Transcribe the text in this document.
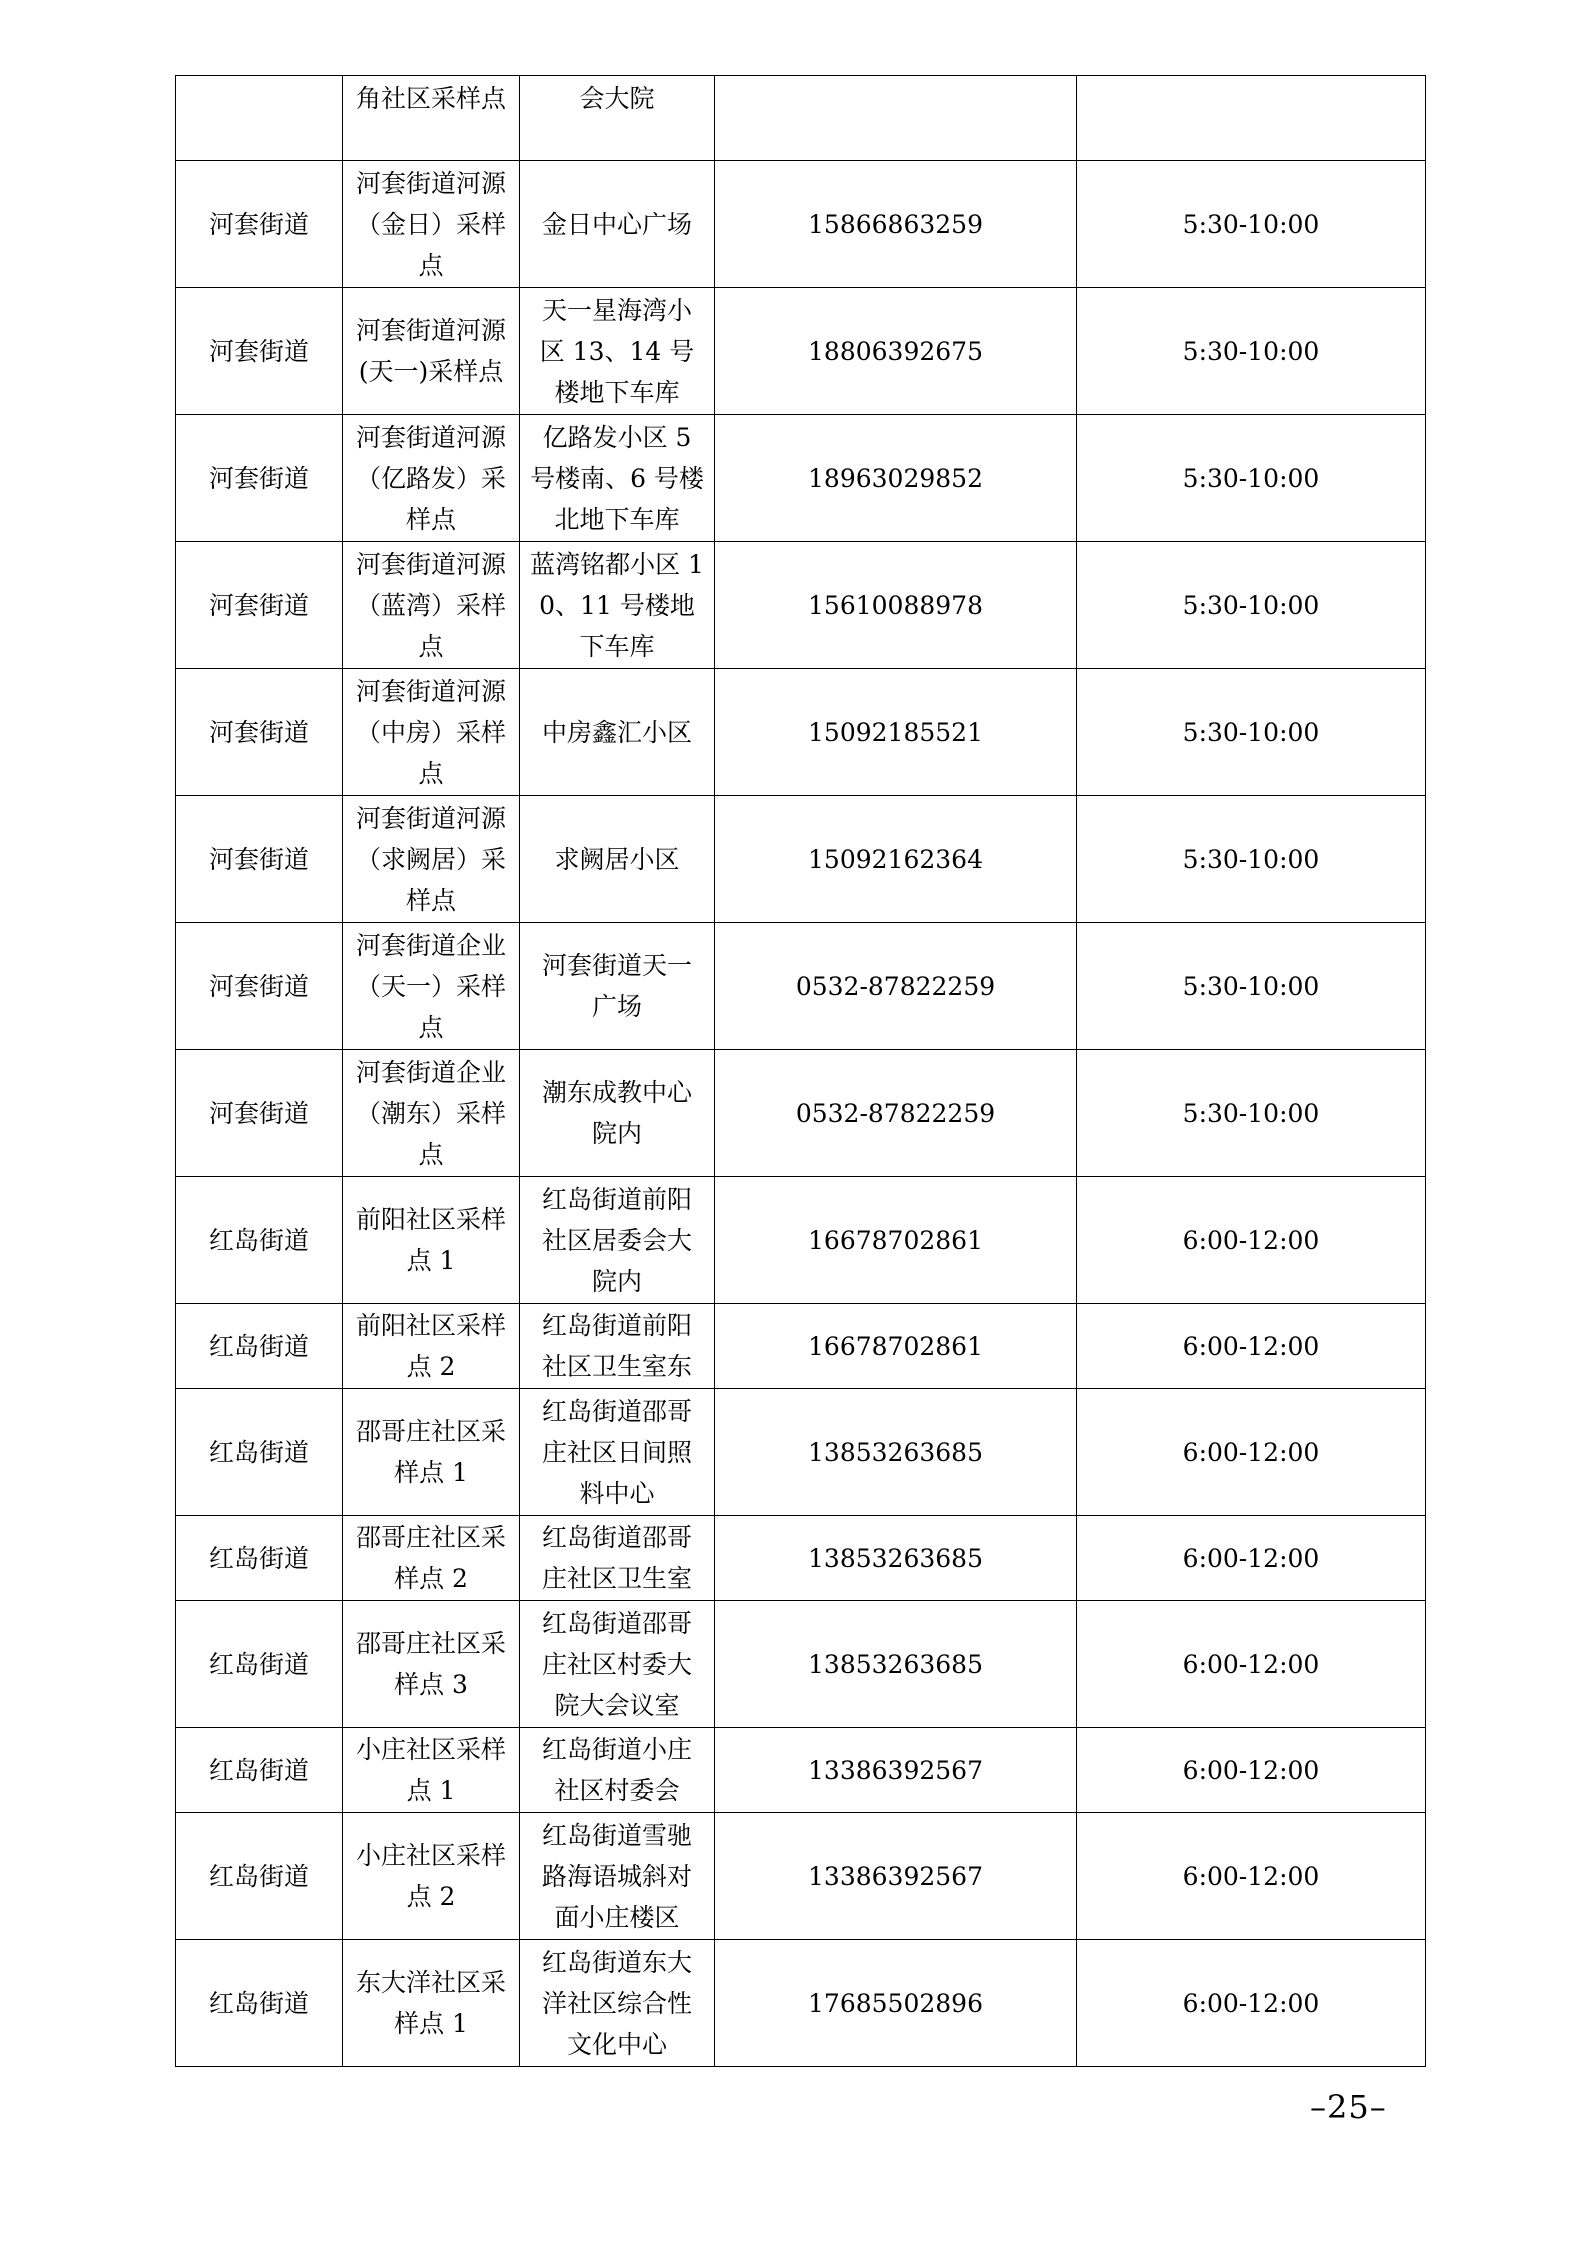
	角社区采样点	会大院		
河套街道	河套街道河源（金日）采样点	金日中心广场	15866863259	5:30-10:00
河套街道	河套街道河源(天一)采样点	天一星海湾小区 13、14 号楼地下车库	18806392675	5:30-10:00
河套街道	河套街道河源（亿路发）采样点	亿路发小区 5 号楼南、6 号楼北地下车库	18963029852	5:30-10:00
河套街道	河套街道河源（蓝湾）采样点	蓝湾铭都小区 10、11 号楼地下车库	15610088978	5:30-10:00
河套街道	河套街道河源（中房）采样点	中房鑫汇小区	15092185521	5:30-10:00
河套街道	河套街道河源（求阙居）采样点	求阙居小区	15092162364	5:30-10:00
河套街道	河套街道企业（天一）采样点	河套街道天一广场	0532-87822259	5:30-10:00
河套街道	河套街道企业（潮东）采样点	潮东成教中心院内	0532-87822259	5:30-10:00
红岛街道	前阳社区采样点 1	红岛街道前阳社区居委会大院内	16678702861	6:00-12:00
红岛街道	前阳社区采样点 2	红岛街道前阳社区卫生室东	16678702861	6:00-12:00
红岛街道	邵哥庄社区采样点 1	红岛街道邵哥庄社区日间照料中心	13853263685	6:00-12:00
红岛街道	邵哥庄社区采样点 2	红岛街道邵哥庄社区卫生室	13853263685	6:00-12:00
红岛街道	邵哥庄社区采样点 3	红岛街道邵哥庄社区村委大院大会议室	13853263685	6:00-12:00
红岛街道	小庄社区采样点 1	红岛街道小庄社区村委会	13386392567	6:00-12:00
红岛街道	小庄社区采样点 2	红岛街道雪驰路海语城斜对面小庄楼区	13386392567	6:00-12:00
红岛街道	东大洋社区采样点 1	红岛街道东大洋社区综合性文化中心	17685502896	6:00-12:00
–25–
